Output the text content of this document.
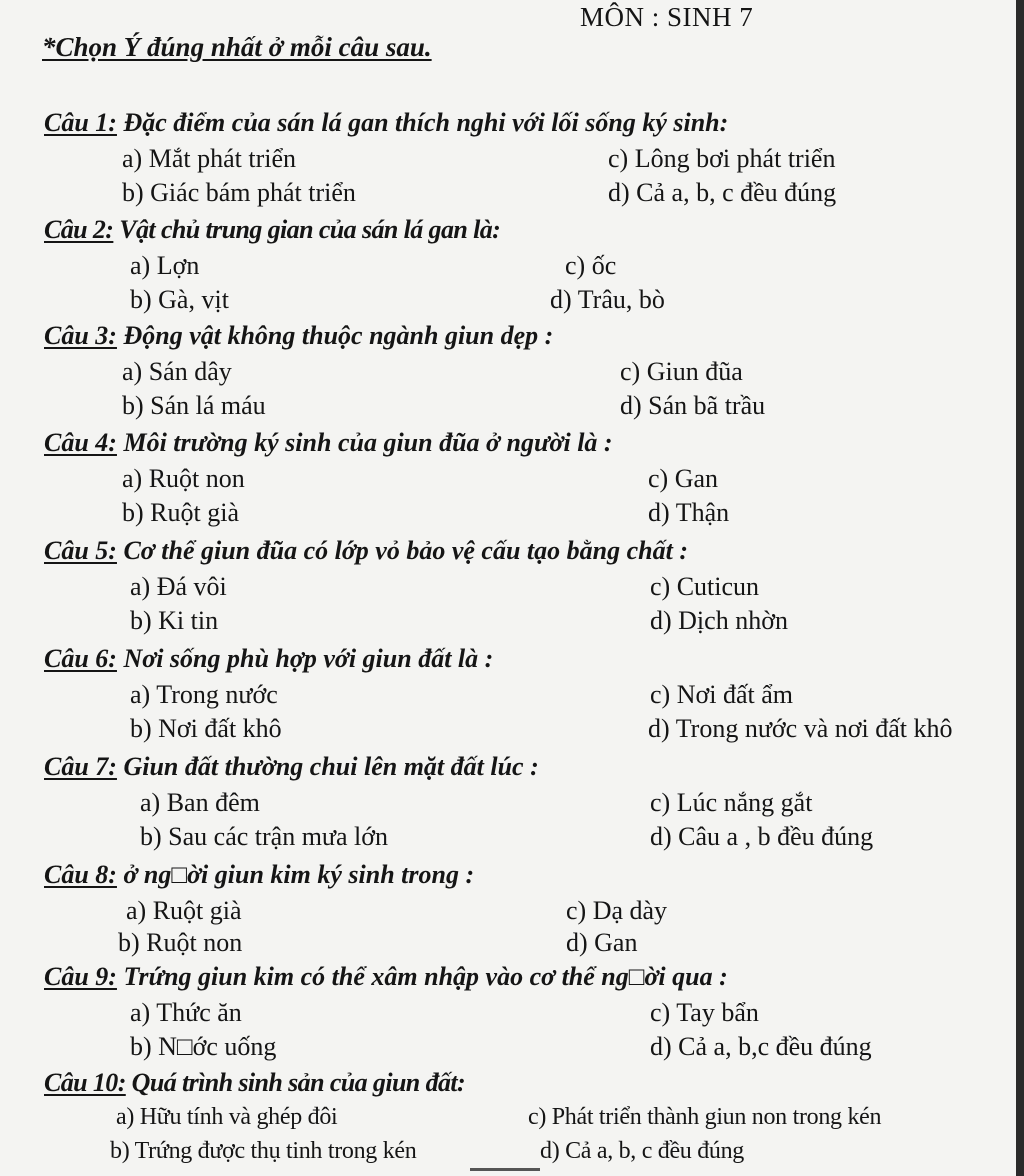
MÔN : SINH 7
*Chọn Ý đúng nhất ở mỗi câu sau.
Câu 1: Đặc điểm của sán lá gan thích nghi với lối sống ký sinh:
a) Mắt phát triển
b) Giác bám phát triển
c) Lông bơi phát triển
d) Cả a, b, c đều đúng
Câu 2: Vật chủ trung gian của sán lá gan là:
a) Lợn
b) Gà, vịt
c) ốc
d) Trâu, bò
Câu 3: Động vật không thuộc ngành giun dẹp :
a) Sán dây
b) Sán lá máu
c) Giun đũa
d) Sán bã trầu
Câu 4: Môi trường ký sinh của giun đũa ở người là :
a) Ruột non
b) Ruột già
c) Gan
d) Thận
Câu 5: Cơ thể giun đũa có lớp vỏ bảo vệ cấu tạo bằng chất :
a) Đá vôi
b) Ki tin
c) Cuticun
d) Dịch nhờn
Câu 6: Nơi sống phù hợp với giun đất là :
a) Trong nước
b) Nơi đất khô
c) Nơi đất ẩm
d) Trong nước và nơi đất khô
Câu 7: Giun đất thường chui lên mặt đất lúc :
a) Ban đêm
b) Sau các trận mưa lớn
c) Lúc nắng gắt
d) Câu a , b đều đúng
Câu 8: ở ng□ời giun kim ký sinh trong :
a) Ruột già
b) Ruột non
c) Dạ dày
d) Gan
Câu 9: Trứng giun kim có thể xâm nhập vào cơ thể ng□ời qua :
a) Thức ăn
b) N□ớc uống
c) Tay bẩn
d) Cả a, b,c đều đúng
Câu 10: Quá trình sinh sản của giun đất:
a) Hữu tính và ghép đôi
b) Trứng được thụ tinh trong kén
c) Phát triển thành giun non trong kén
d) Cả a, b, c đều đúng
